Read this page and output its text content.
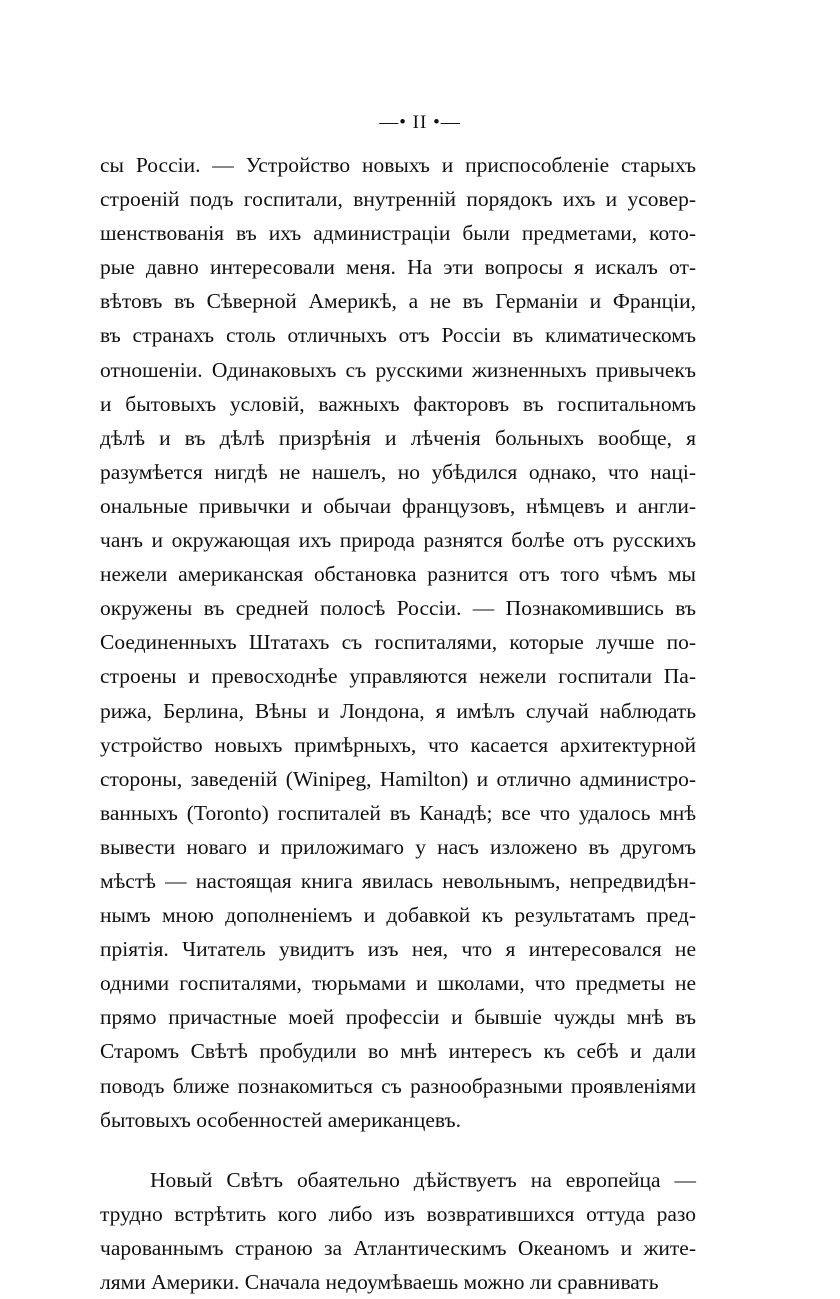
—• II •—
сы Россіи. — Устройство новыхъ и приспособленіе старыхъ
строеній подъ госпитали, внутренній порядокъ ихъ и усовер-
шенствованія въ ихъ администраціи были предметами, кото-
рые давно интересовали меня. На эти вопросы я искалъ от-
вѣтовъ въ Сѣверной Америкѣ, а не въ Германіи и Франціи,
въ странахъ столь отличныхъ отъ Россіи въ климатическомъ
отношеніи. Одинаковыхъ съ русскими жизненныхъ привычекъ
и бытовыхъ условій, важныхъ факторовъ въ госпитальномъ
дѣлѣ и въ дѣлѣ призрѣнія и лѣченія больныхъ вообще, я
разумѣется нигдѣ не нашелъ, но убѣдился однако, что наці-
ональные привычки и обычаи французовъ, нѣмцевъ и англи-
чанъ и окружающая ихъ природа разнятся болѣе отъ русскихъ
нежели американская обстановка разнится отъ того чѣмъ мы
окружены въ средней полосѣ Россіи. — Познакомившись въ
Соединенныхъ Штатахъ съ госпиталями, которые лучше по-
строены и превосходнѣе управляются нежели госпитали Па-
рижа, Берлина, Вѣны и Лондона, я имѣлъ случай наблюдать
устройство новыхъ примѣрныхъ, что касается архитектурной
стороны, заведеній (Winipeg, Hamilton) и отлично администро-
ванныхъ (Toronto) госпиталей въ Канадѣ; все что удалось мнѣ
вывести новаго и приложимаго у насъ изложено въ другомъ
мѣстѣ — настоящая книга явилась невольнымъ, непредвидѣн-
нымъ мною дополненіемъ и добавкой къ результатамъ пред-
пріятія. Читатель увидитъ изъ нея, что я интересовался не
одними госпиталями, тюрьмами и школами, что предметы не
прямо причастные моей профессіи и бывшіе чужды мнѣ въ
Старомъ Свѣтѣ пробудили во мнѣ интересъ къ себѣ и дали
поводъ ближе познакомиться съ разнообразными проявленіями
бытовыхъ особенностей американцевъ.
Новый Свѣтъ обаятельно дѣйствуетъ на европейца —
трудно встрѣтить кого либо изъ возвратившихся оттуда разо
чарованнымъ страною за Атлантическимъ Океаномъ и жите-
лями Америки. Сначала недоумѣваешь можно ли сравнивать
